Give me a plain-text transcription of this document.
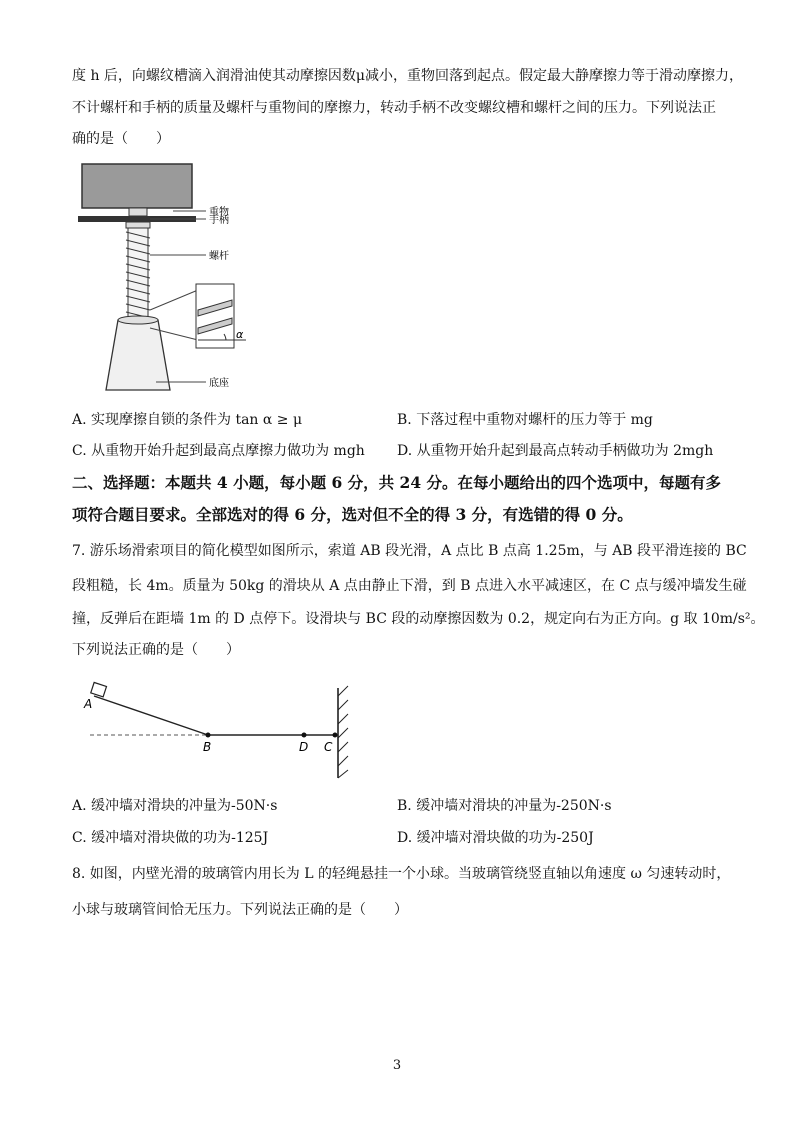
度 h 后，向螺纹槽滴入润滑油使其动摩擦因数μ减小，重物回落到起点。假定最大静摩擦力等于滑动摩擦力，
不计螺杆和手柄的质量及螺杆与重物间的摩擦力，转动手柄不改变螺纹槽和螺杆之间的压力。下列说法正
确的是（　　）
重物
手柄
螺杆
底座
α
A. 实现摩擦自锁的条件为 tan α ≥ μ	B. 下落过程中重物对螺杆的压力等于 mg
C. 从重物开始升起到最高点摩擦力做功为 mgh D. 从重物开始升起到最高点转动手柄做功为 2mgh
二、选择题：本题共 4 小题，每小题 6 分，共 24 分。在每小题给出的四个选项中，每题有多
项符合题目要求。全部选对的得 6 分，选对但不全的得 3 分，有选错的得 0 分。
7. 游乐场滑索项目的简化模型如图所示，索道 AB 段光滑，A 点比 B 点高 1.25m，与 AB 段平滑连接的 BC
段粗糙，长 4m。质量为 50kg 的滑块从 A 点由静止下滑，到 B 点进入水平减速区，在 C 点与缓冲墙发生碰
撞，反弹后在距墙 1m 的 D 点停下。设滑块与 BC 段的动摩擦因数为 0.2，规定向右为正方向。g 取 10m/s²。
下列说法正确的是（　　）
A
B	D C
A. 缓冲墙对滑块的冲量为-50N·s	B. 缓冲墙对滑块的冲量为-250N·s
C. 缓冲墙对滑块做的功为-125J	D. 缓冲墙对滑块做的功为-250J
8. 如图，内壁光滑的玻璃管内用长为 L 的轻绳悬挂一个小球。当玻璃管绕竖直轴以角速度 ω 匀速转动时，
小球与玻璃管间恰无压力。下列说法正确的是（　　）
3
